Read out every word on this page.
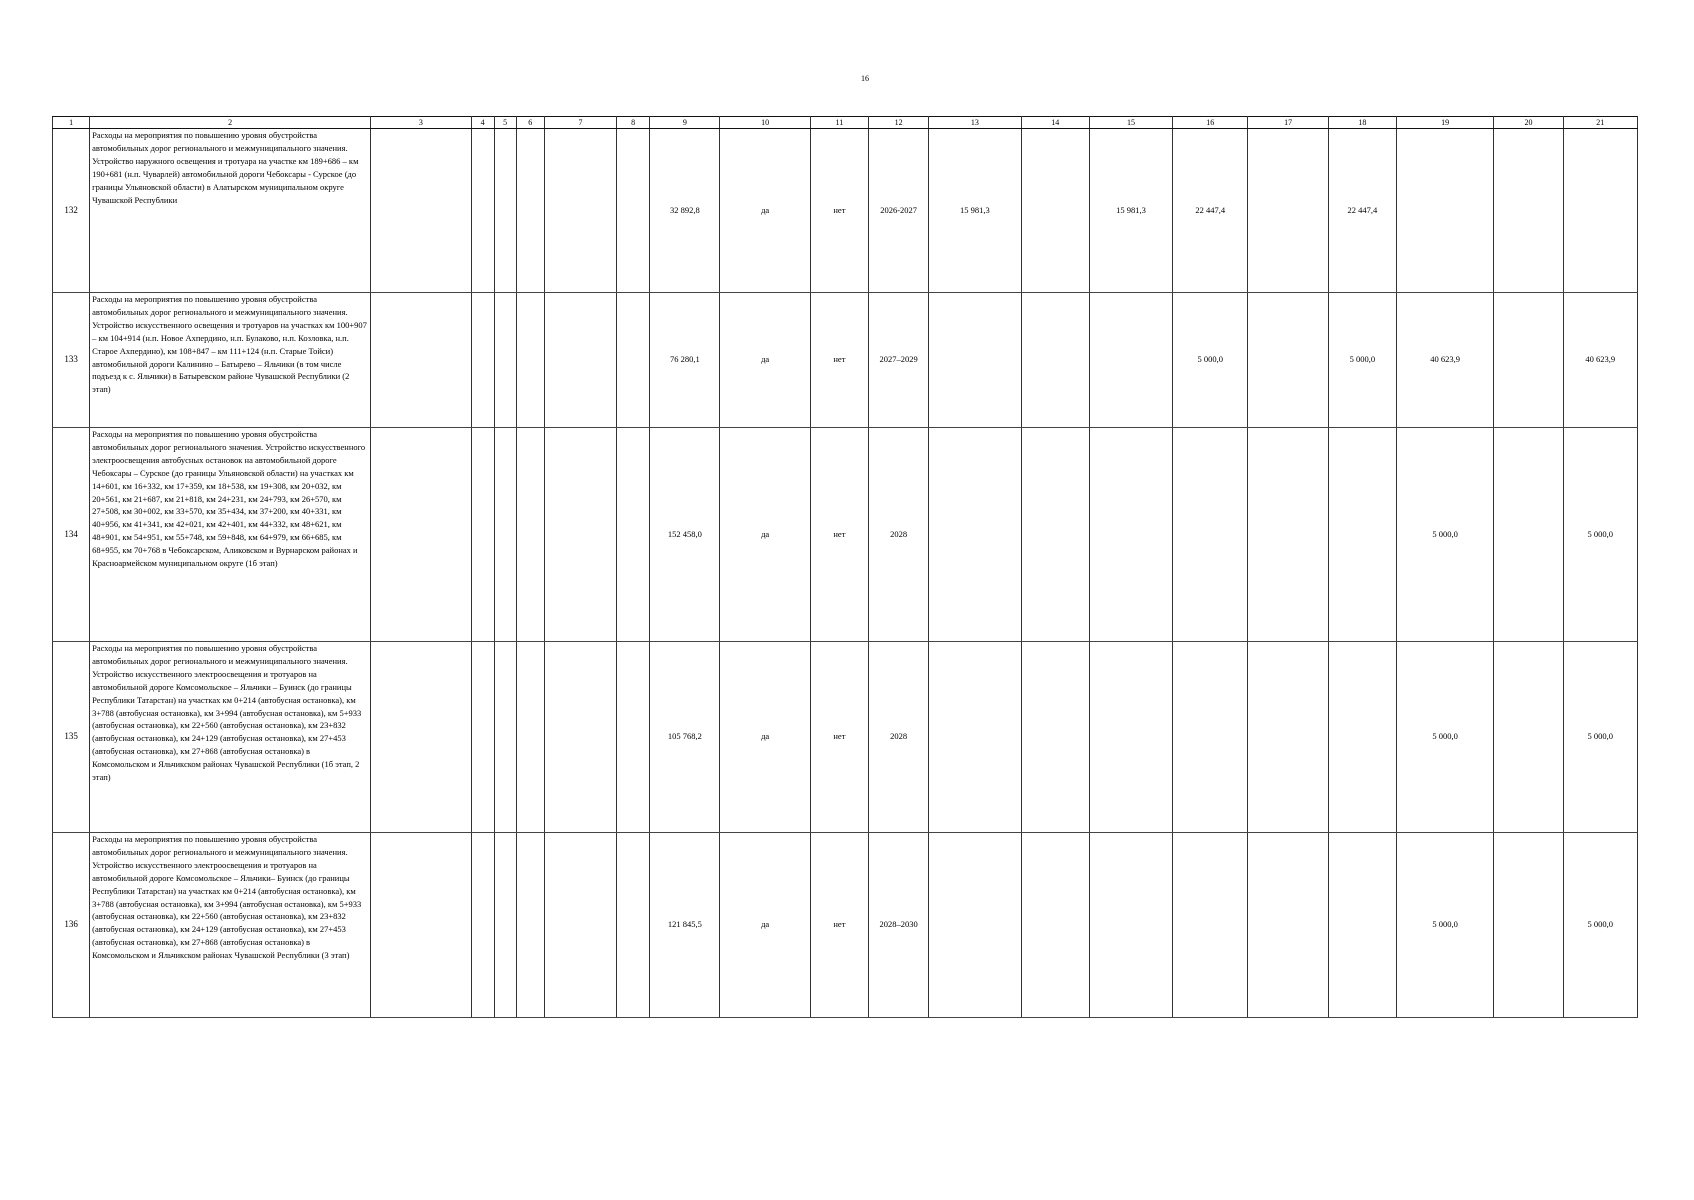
16
1	2	3	4	5	6	7	8	9	10	11	12	13	14	15	16	17	18	19	20	21
132	Расходы на мероприятия по повышению уровня обустройства автомобильных дорог регионального и межмуниципального значения. Устройство наружного освещения и тротуара на участке км 189+686 – км 190+681 (н.п. Чуварлей) автомобильной дороги Чебоксары - Сурское (до границы Ульяновской области) в Алатырском муниципальном округе Чувашской Республики							32 892,8	да	нет	2026-2027	15 981,3		15 981,3	22 447,4		22 447,4			
133	Расходы на мероприятия по повышению уровня обустройства автомобильных дорог регионального и межмуниципального значения. Устройство искусственного освещения и тротуаров на участках км 100+907 – км 104+914 (н.п. Новое Ахпердино, н.п. Булаково, н.п. Козловка, н.п. Старое Ахпердино), км 108+847 – км 111+124 (н.п. Старые Тойси) автомобильной дороги Калинино – Батырево – Яльчики (в том числе подъезд к с. Яльчики) в Батыревском районе Чувашской Республики (2 этап)							76 280,1	да	нет	2027–2029				5 000,0		5 000,0	40 623,9		40 623,9
134	Расходы на мероприятия по повышению уровня обустройства автомобильных дорог регионального значения. Устройство искусственного электроосвещения автобусных остановок на автомобильной дороге Чебоксары – Сурское (до границы Ульяновской области) на участках км 14+601, км 16+332, км 17+359, км 18+538, км 19+308, км 20+032, км 20+561, км 21+687, км 21+818, км 24+231, км 24+793, км 26+570, км 27+508, км 30+002, км 33+570, км 35+434, км 37+200, км 40+331, км 40+956, км 41+341, км 42+021, км 42+401, км 44+332, км 48+621, км 48+901, км 54+951, км 55+748, км 59+848, км 64+979, км 66+685, км 68+955, км 70+768 в Чебоксарском, Аликовском и Вурнарском районах и Красноармейском муниципальном округе (1б этап)							152 458,0	да	нет	2028							5 000,0		5 000,0
135	Расходы на мероприятия по повышению уровня обустройства автомобильных дорог регионального и межмуниципального значения. Устройство искусственного электроосвещения и тротуаров на автомобильной дороге Комсомольское – Яльчики – Буинск (до границы Республики Татарстан) на участках км 0+214 (автобусная остановка), км 3+788 (автобусная остановка), км 3+994 (автобусная остановка), км 5+933 (автобусная остановка), км 22+560 (автобусная остановка), км 23+832 (автобусная остановка), км 24+129 (автобусная остановка), км 27+453 (автобусная остановка), км 27+868 (автобусная остановка) в Комсомольском и Яльчикском районах Чувашской Республики (1б этап, 2 этап)							105 768,2	да	нет	2028							5 000,0		5 000,0
136	Расходы на мероприятия по повышению уровня обустройства автомобильных дорог регионального и межмуниципального значения. Устройство искусственного электроосвещения и тротуаров на автомобильной дороге Комсомольское – Яльчики– Буинск (до границы Республики Татарстан) на участках км 0+214 (автобусная остановка), км 3+788 (автобусная остановка), км 3+994 (автобусная остановка), км 5+933 (автобусная остановка), км 22+560 (автобусная остановка), км 23+832 (автобусная остановка), км 24+129 (автобусная остановка), км 27+453 (автобусная остановка), км 27+868 (автобусная остановка) в Комсомольском и Яльчикском районах Чувашской Республики (3 этап)							121 845,5	да	нет	2028–2030							5 000,0		5 000,0
